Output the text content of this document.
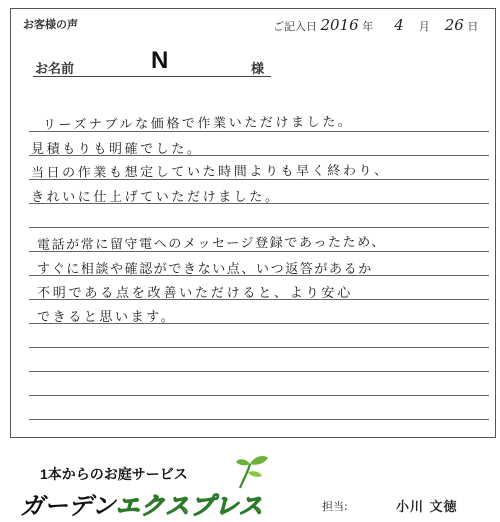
お客様の声	ご記入日 2016 年 4 月 26 日
お名前	N	様
リーズナブルな価格で作業いただけました。
見積もりも明確でした。
当日の作業も想定していた時間よりも早く終わり、
きれいに仕上げていただけました。
電話が常に留守電へのメッセージ登録であったため、
すぐに相談や確認ができない点、いつ返答があるか
不明である点を改善いただけると、より安心
できると思います。
1本からのお庭サービス
ガーデンエクスプレス	担当:	小川 文徳
